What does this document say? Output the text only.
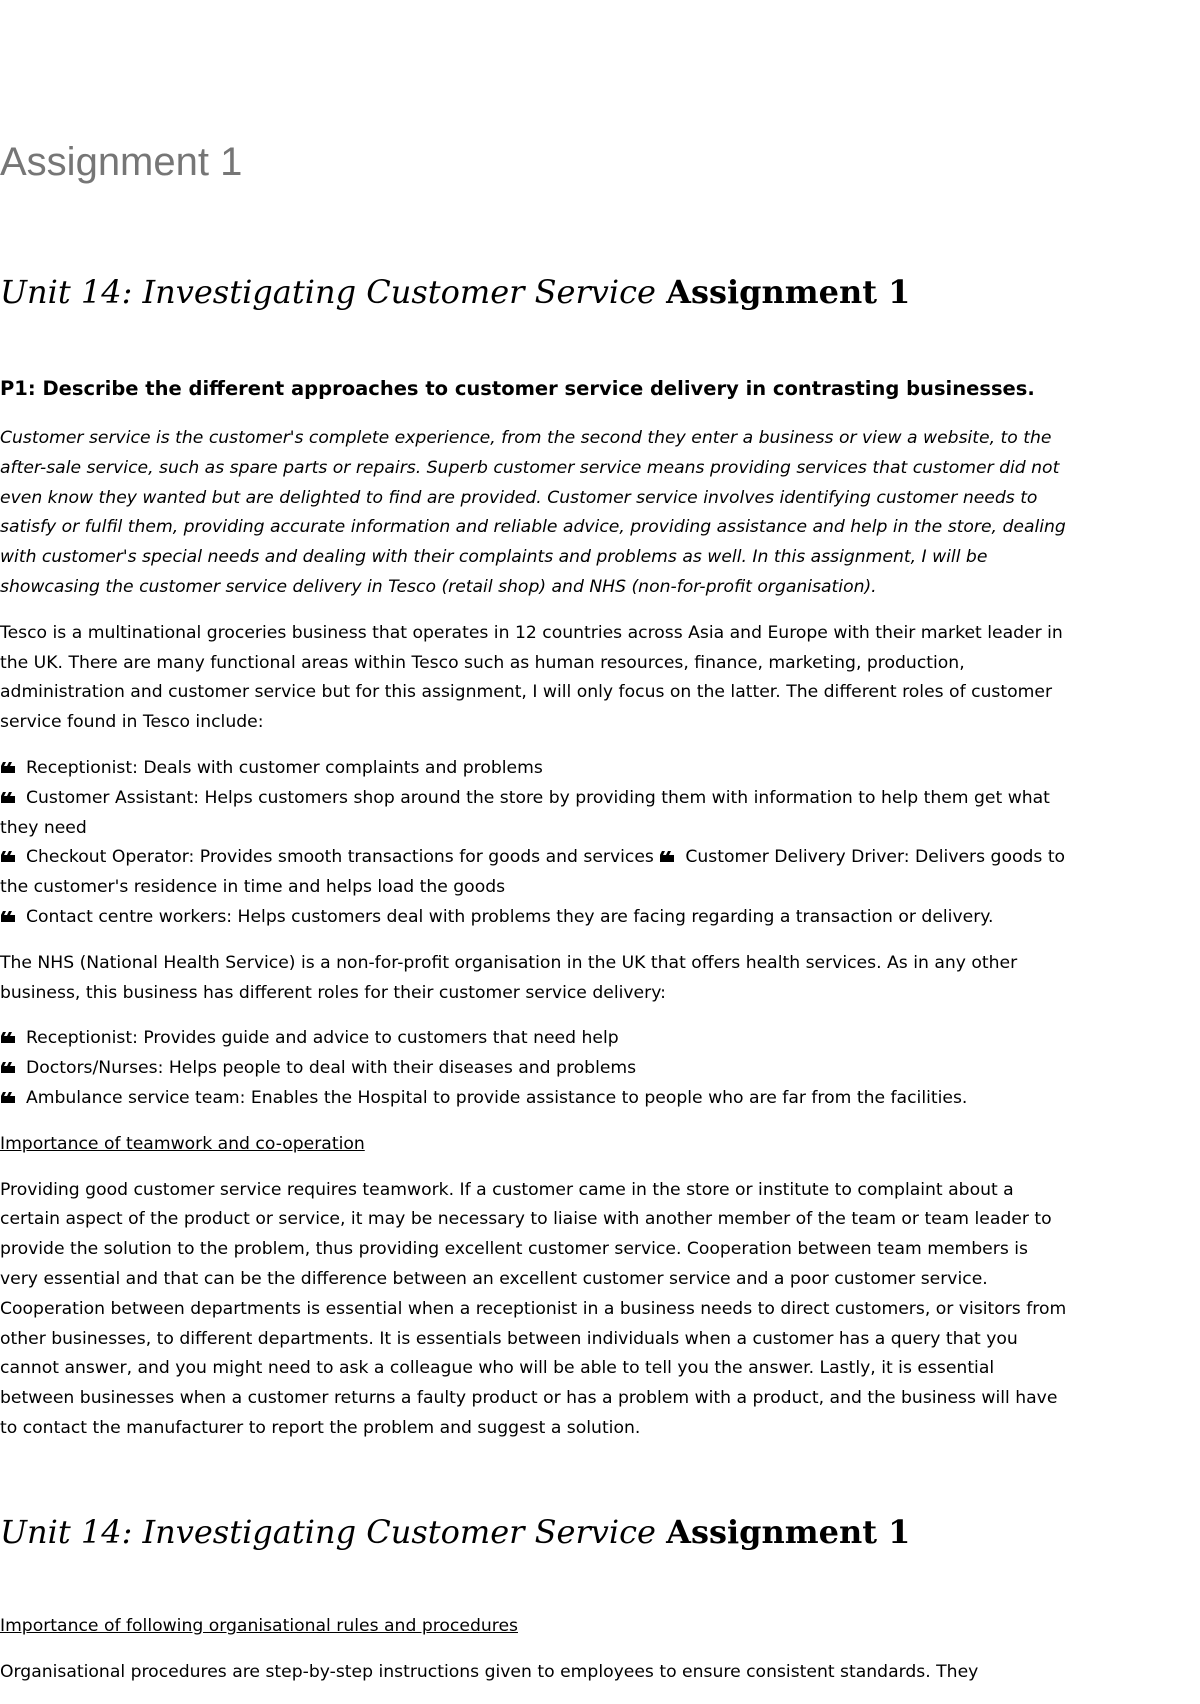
Assignment 1
Unit 14: Investigating Customer Service Assignment 1
P1: Describe the different approaches to customer service delivery in contrasting businesses.

Customer service is the customer's complete experience, from the second they enter a business or view a website, to the after-sale service, such as spare parts or repairs. Superb customer service means providing services that customer did not even know they wanted but are delighted to find are provided. Customer service involves identifying customer needs to satisfy or fulfil them, providing accurate information and reliable advice, providing assistance and help in the store, dealing with customer's special needs and dealing with their complaints and problems as well. In this assignment, I will be showcasing the customer service delivery in Tesco (retail shop) and NHS (non-for-profit organisation).

Tesco is a multinational groceries business that operates in 12 countries across Asia and Europe with their market leader in the UK. There are many functional areas within Tesco such as human resources, finance, marketing, production, administration and customer service but for this assignment, I will only focus on the latter. The different roles of customer service found in Tesco include:

Receptionist: Deals with customer complaints and problems
Customer Assistant: Helps customers shop around the store by providing them with information to help them get what they need
Checkout Operator: Provides smooth transactions for goods and services Customer Delivery Driver: Delivers goods to the customer's residence in time and helps load the goods
Contact centre workers: Helps customers deal with problems they are facing regarding a transaction or delivery.

The NHS (National Health Service) is a non-for-profit organisation in the UK that offers health services. As in any other business, this business has different roles for their customer service delivery:

Receptionist: Provides guide and advice to customers that need help
Doctors/Nurses: Helps people to deal with their diseases and problems
Ambulance service team: Enables the Hospital to provide assistance to people who are far from the facilities.

Importance of teamwork and co-operation

Providing good customer service requires teamwork. If a customer came in the store or institute to complaint about a certain aspect of the product or service, it may be necessary to liaise with another member of the team or team leader to provide the solution to the problem, thus providing excellent customer service. Cooperation between team members is very essential and that can be the difference between an excellent customer service and a poor customer service. Cooperation between departments is essential when a receptionist in a business needs to direct customers, or visitors from other businesses, to different departments. It is essentials between individuals when a customer has a query that you cannot answer, and you might need to ask a colleague who will be able to tell you the answer. Lastly, it is essential between businesses when a customer returns a faulty product or has a problem with a product, and the business will have to contact the manufacturer to report the problem and suggest a solution.

Unit 14: Investigating Customer Service Assignment 1

Importance of following organisational rules and procedures

Organisational procedures are step-by-step instructions given to employees to ensure consistent standards. They
